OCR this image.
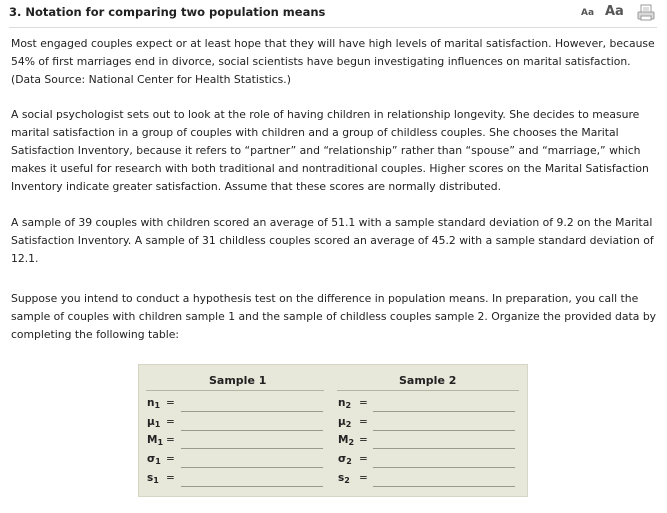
3. Notation for comparing two population means	Aa Aa

Most engaged couples expect or at least hope that they will have high levels of marital satisfaction. However, because 54% of first marriages end in divorce, social scientists have begun investigating influences on marital satisfaction. (Data Source: National Center for Health Statistics.)

A social psychologist sets out to look at the role of having children in relationship longevity. She decides to measure marital satisfaction in a group of couples with children and a group of childless couples. She chooses the Marital Satisfaction Inventory, because it refers to “partner” and “relationship” rather than “spouse” and “marriage,” which makes it useful for research with both traditional and nontraditional couples. Higher scores on the Marital Satisfaction Inventory indicate greater satisfaction. Assume that these scores are normally distributed.

A sample of 39 couples with children scored an average of 51.1 with a sample standard deviation of 9.2 on the Marital Satisfaction Inventory. A sample of 31 childless couples scored an average of 45.2 with a sample standard deviation of 12.1.

Suppose you intend to conduct a hypothesis test on the difference in population means. In preparation, you call the sample of couples with children sample 1 and the sample of childless couples sample 2. Organize the provided data by completing the following table:

Sample 1	Sample 2
$n_1$ =	$n_2$ =
$\mu_1$ =	$\mu_2$ =
$M_1$ =	$M_2$ =
$\sigma_1$ =	$\sigma_2$ =
$s_1$ =	$s_2$ =
